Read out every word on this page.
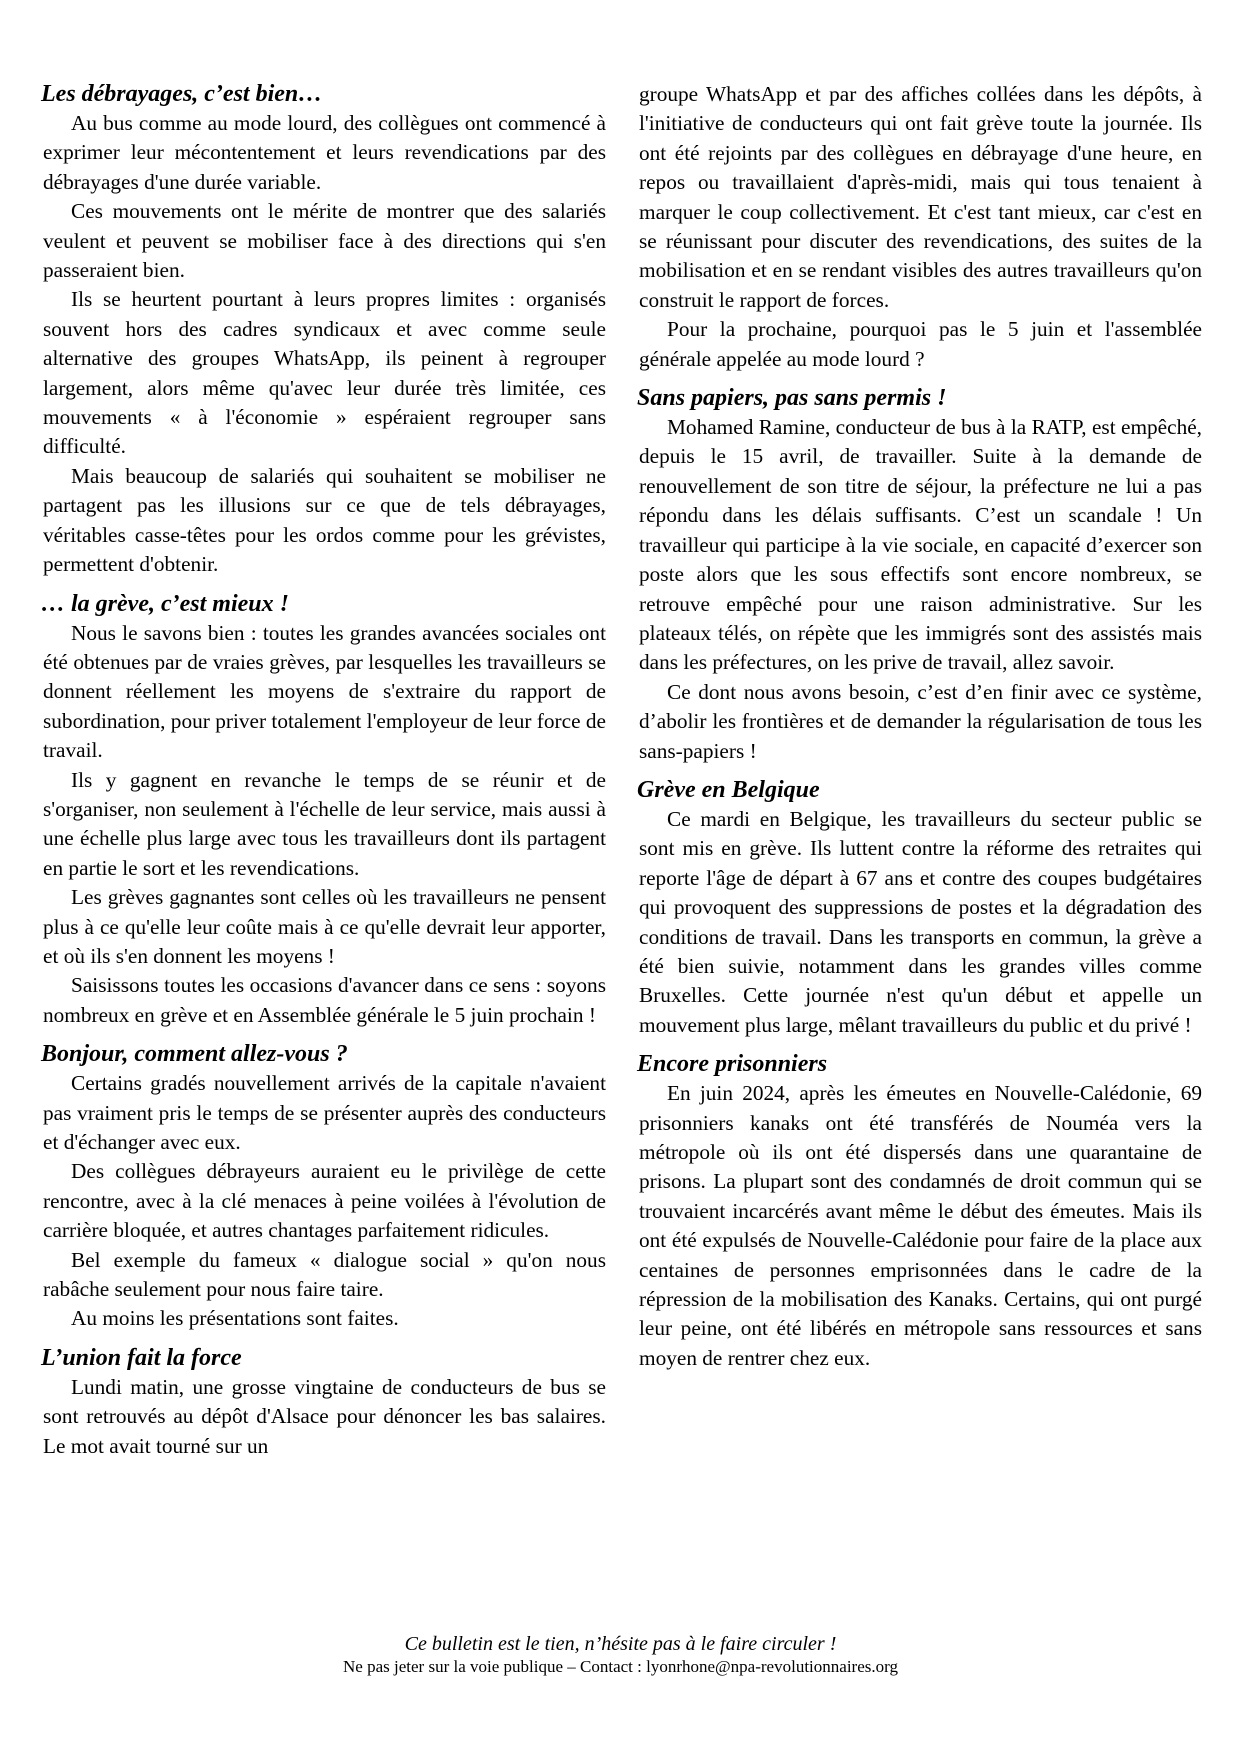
Les débrayages, c’est bien…

Au bus comme au mode lourd, des collègues ont commencé à exprimer leur mécontentement et leurs revendications par des débrayages d'une durée variable.

Ces mouvements ont le mérite de montrer que des salariés veulent et peuvent se mobiliser face à des directions qui s'en passeraient bien.

Ils se heurtent pourtant à leurs propres limites : organisés souvent hors des cadres syndicaux et avec comme seule alternative des groupes WhatsApp, ils peinent à regrouper largement, alors même qu'avec leur durée très limitée, ces mouvements « à l'économie » espéraient regrouper sans difficulté.

Mais beaucoup de salariés qui souhaitent se mobiliser ne partagent pas les illusions sur ce que de tels débrayages, véritables casse-têtes pour les ordos comme pour les grévistes, permettent d'obtenir.

… la grève, c’est mieux !

Nous le savons bien : toutes les grandes avancées sociales ont été obtenues par de vraies grèves, par lesquelles les travailleurs se donnent réellement les moyens de s'extraire du rapport de subordination, pour priver totalement l'employeur de leur force de travail.

Ils y gagnent en revanche le temps de se réunir et de s'organiser, non seulement à l'échelle de leur service, mais aussi à une échelle plus large avec tous les travailleurs dont ils partagent en partie le sort et les revendications.

Les grèves gagnantes sont celles où les travailleurs ne pensent plus à ce qu'elle leur coûte mais à ce qu'elle devrait leur apporter, et où ils s'en donnent les moyens !

Saisissons toutes les occasions d'avancer dans ce sens : soyons nombreux en grève et en Assemblée générale le 5 juin prochain !

Bonjour, comment allez-vous ?

Certains gradés nouvellement arrivés de la capitale n'avaient pas vraiment pris le temps de se présenter auprès des conducteurs et d'échanger avec eux.

Des collègues débrayeurs auraient eu le privilège de cette rencontre, avec à la clé menaces à peine voilées à l'évolution de carrière bloquée, et autres chantages parfaitement ridicules.

Bel exemple du fameux « dialogue social » qu'on nous rabâche seulement pour nous faire taire.

Au moins les présentations sont faites.

L’union fait la force

Lundi matin, une grosse vingtaine de conducteurs de bus se sont retrouvés au dépôt d'Alsace pour dénoncer les bas salaires. Le mot avait tourné sur un

groupe WhatsApp et par des affiches collées dans les dépôts, à l'initiative de conducteurs qui ont fait grève toute la journée. Ils ont été rejoints par des collègues en débrayage d'une heure, en repos ou travaillaient d'après-midi, mais qui tous tenaient à marquer le coup collectivement. Et c'est tant mieux, car c'est en se réunissant pour discuter des revendications, des suites de la mobilisation et en se rendant visibles des autres travailleurs qu'on construit le rapport de forces.

Pour la prochaine, pourquoi pas le 5 juin et l'assemblée générale appelée au mode lourd ?

Sans papiers, pas sans permis !

Mohamed Ramine, conducteur de bus à la RATP, est empêché, depuis le 15 avril, de travailler. Suite à la demande de renouvellement de son titre de séjour, la préfecture ne lui a pas répondu dans les délais suffisants. C’est un scandale ! Un travailleur qui participe à la vie sociale, en capacité d’exercer son poste alors que les sous effectifs sont encore nombreux, se retrouve empêché pour une raison administrative. Sur les plateaux télés, on répète que les immigrés sont des assistés mais dans les préfectures, on les prive de travail, allez savoir.

Ce dont nous avons besoin, c’est d’en finir avec ce système, d’abolir les frontières et de demander la régularisation de tous les sans-papiers !

Grève en Belgique

Ce mardi en Belgique, les travailleurs du secteur public se sont mis en grève. Ils luttent contre la réforme des retraites qui reporte l'âge de départ à 67 ans et contre des coupes budgétaires qui provoquent des suppressions de postes et la dégradation des conditions de travail. Dans les transports en commun, la grève a été bien suivie, notamment dans les grandes villes comme Bruxelles. Cette journée n'est qu'un début et appelle un mouvement plus large, mêlant travailleurs du public et du privé !

Encore prisonniers

En juin 2024, après les émeutes en Nouvelle-Calédonie, 69 prisonniers kanaks ont été transférés de Nouméa vers la métropole où ils ont été dispersés dans une quarantaine de prisons. La plupart sont des condamnés de droit commun qui se trouvaient incarcérés avant même le début des émeutes. Mais ils ont été expulsés de Nouvelle-Calédonie pour faire de la place aux centaines de personnes emprisonnées dans le cadre de la répression de la mobilisation des Kanaks. Certains, qui ont purgé leur peine, ont été libérés en métropole sans ressources et sans moyen de rentrer chez eux.

Ce bulletin est le tien, n’hésite pas à le faire circuler !
Ne pas jeter sur la voie publique – Contact : lyonrhone@npa-revolutionnaires.org
